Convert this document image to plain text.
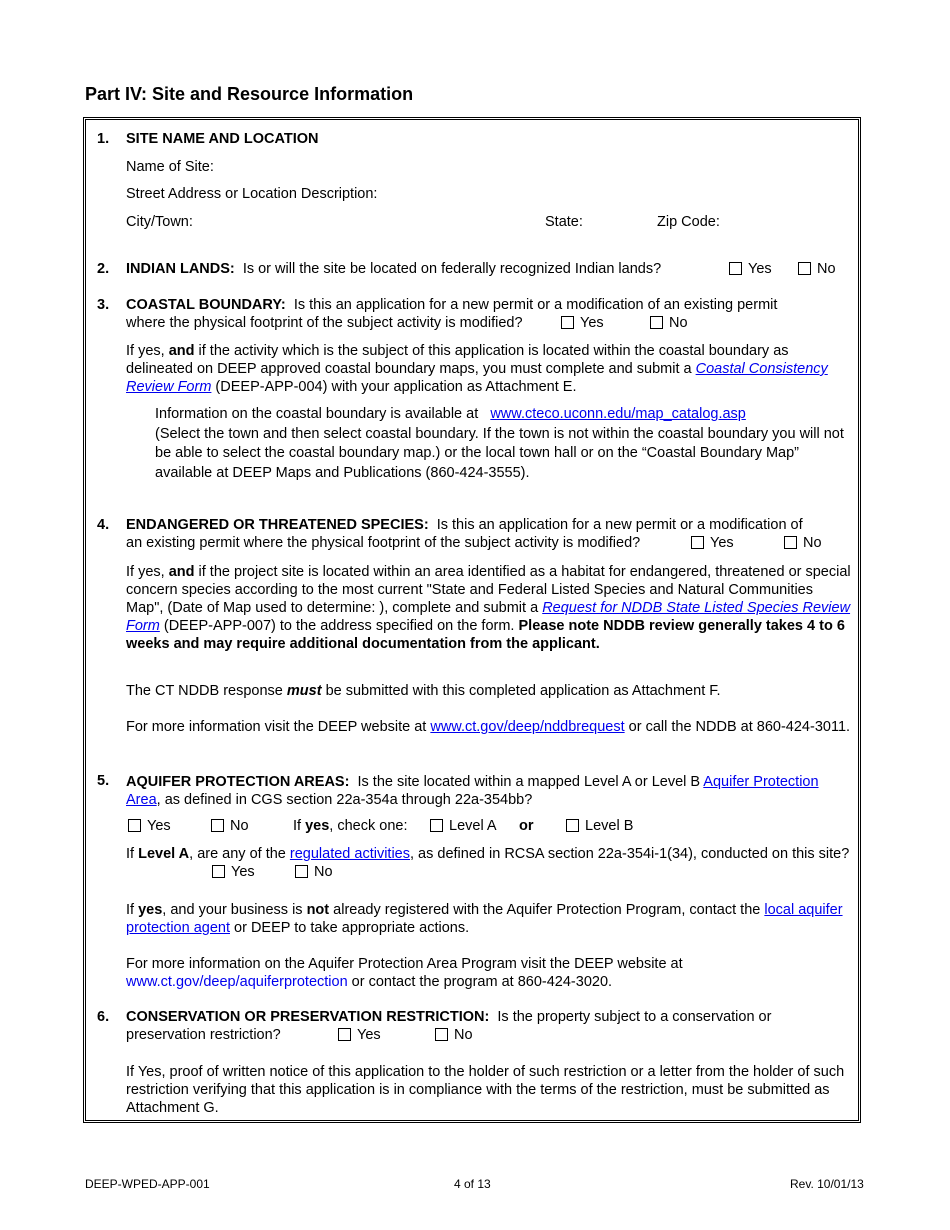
Part IV: Site and Resource Information
1. SITE NAME AND LOCATION
Name of Site:
Street Address or Location Description:
City/Town:	State:	Zip Code:
2. INDIAN LANDS: Is or will the site be located on federally recognized Indian lands?	Yes	No
3. COASTAL BOUNDARY: Is this an application for a new permit or a modification of an existing permit
where the physical footprint of the subject activity is modified?	Yes	No
If yes, and if the activity which is the subject of this application is located within the coastal boundary as delineated on DEEP approved coastal boundary maps, you must complete and submit a Coastal Consistency Review Form (DEEP-APP-004) with your application as Attachment E.
Information on the coastal boundary is available at www.cteco.uconn.edu/map_catalog.asp
(Select the town and then select coastal boundary. If the town is not within the coastal boundary you will not be able to select the coastal boundary map.) or the local town hall or on the “Coastal Boundary Map” available at DEEP Maps and Publications (860-424-3555).
4. ENDANGERED OR THREATENED SPECIES: Is this an application for a new permit or a modification of
an existing permit where the physical footprint of the subject activity is modified?	Yes	No
If yes, and if the project site is located within an area identified as a habitat for endangered, threatened or special concern species according to the most current "State and Federal Listed Species and Natural Communities Map", (Date of Map used to determine: ), complete and submit a Request for NDDB State Listed Species Review Form (DEEP-APP-007) to the address specified on the form. Please note NDDB review generally takes 4 to 6 weeks and may require additional documentation from the applicant.
The CT NDDB response must be submitted with this completed application as Attachment F.
For more information visit the DEEP website at www.ct.gov/deep/nddbrequest or call the NDDB at 860-424-3011.
5. AQUIFER PROTECTION AREAS: Is the site located within a mapped Level A or Level B Aquifer Protection Area, as defined in CGS section 22a-354a through 22a-354bb?
Yes	No	If yes, check one:	Level A or	Level B
If Level A, are any of the regulated activities, as defined in RCSA section 22a-354i-1(34), conducted on this site?
Yes	No
If yes, and your business is not already registered with the Aquifer Protection Program, contact the local aquifer protection agent or DEEP to take appropriate actions.
For more information on the Aquifer Protection Area Program visit the DEEP website at
www.ct.gov/deep/aquiferprotection or contact the program at 860-424-3020.
6. CONSERVATION OR PRESERVATION RESTRICTION: Is the property subject to a conservation or
preservation restriction?	Yes	No
If Yes, proof of written notice of this application to the holder of such restriction or a letter from the holder of such restriction verifying that this application is in compliance with the terms of the restriction, must be submitted as Attachment G.
DEEP-WPED-APP-001	4 of 13	Rev. 10/01/13
